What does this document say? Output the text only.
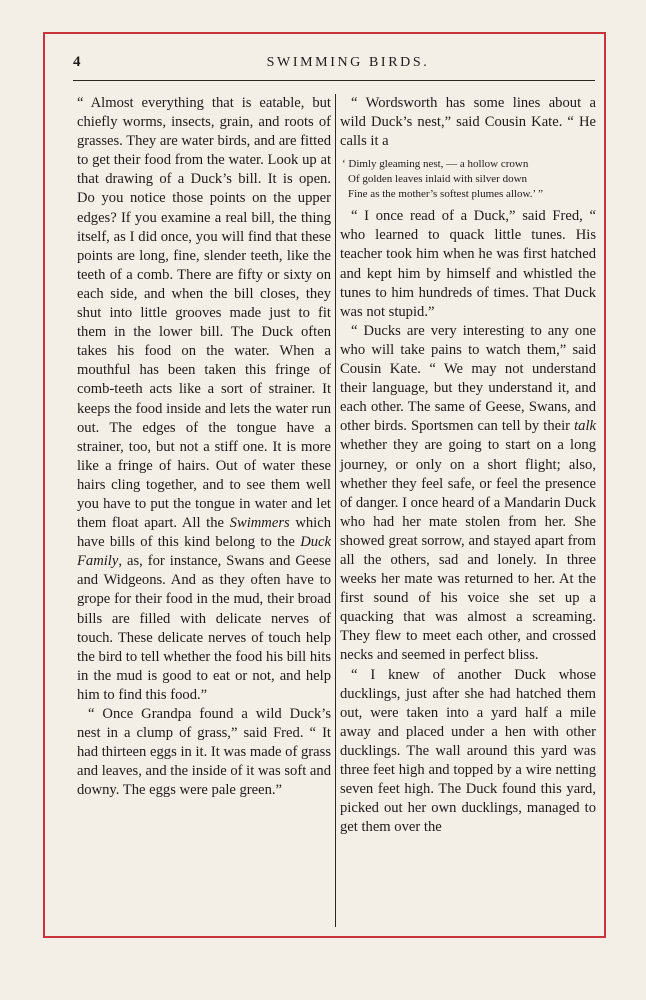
4	SWIMMING BIRDS.

“ Almost everything that is eatable, but chiefly worms, insects, grain, and roots of grasses. They are water birds, and are fitted to get their food from the water. Look up at that drawing of a Duck’s bill. It is open. Do you notice those points on the upper edges? If you examine a real bill, the thing itself, as I did once, you will find that these points are long, fine, slender teeth, like the teeth of a comb. There are fifty or sixty on each side, and when the bill closes, they shut into little grooves made just to fit them in the lower bill. The Duck often takes his food on the water. When a mouthful has been taken this fringe of comb-teeth acts like a sort of strainer. It keeps the food inside and lets the water run out. The edges of the tongue have a strainer, too, but not a stiff one. It is more like a fringe of hairs. Out of water these hairs cling together, and to see them well you have to put the tongue in water and let them float apart. All the Swimmers which have bills of this kind belong to the Duck Family, as, for instance, Swans and Geese and Widgeons. And as they often have to grope for their food in the mud, their broad bills are filled with delicate nerves of touch. These delicate nerves of touch help the bird to tell whether the food his bill hits in the mud is good to eat or not, and help him to find this food.”

“ Once Grandpa found a wild Duck’s nest in a clump of grass,” said Fred. “ It had thirteen eggs in it. It was made of grass and leaves, and the inside of it was soft and downy. The eggs were pale green.”

“ Wordsworth has some lines about a wild Duck’s nest,” said Cousin Kate. “ He calls it a

‘ Dimly gleaming nest, — a hollow crown
Of golden leaves inlaid with silver down
Fine as the mother’s softest plumes allow.’ ”

“ I once read of a Duck,” said Fred, “ who learned to quack little tunes. His teacher took him when he was first hatched and kept him by himself and whistled the tunes to him hundreds of times. That Duck was not stupid.”

“ Ducks are very interesting to any one who will take pains to watch them,” said Cousin Kate. “ We may not understand their language, but they understand it, and each other. The same of Geese, Swans, and other birds. Sportsmen can tell by their talk whether they are going to start on a long journey, or only on a short flight; also, whether they feel safe, or feel the presence of danger. I once heard of a Mandarin Duck who had her mate stolen from her. She showed great sorrow, and stayed apart from all the others, sad and lonely. In three weeks her mate was returned to her. At the first sound of his voice she set up a quacking that was almost a screaming. They flew to meet each other, and crossed necks and seemed in perfect bliss.

“ I knew of another Duck whose ducklings, just after she had hatched them out, were taken into a yard half a mile away and placed under a hen with other ducklings. The wall around this yard was three feet high and topped by a wire netting seven feet high. The Duck found this yard, picked out her own ducklings, managed to get them over the
